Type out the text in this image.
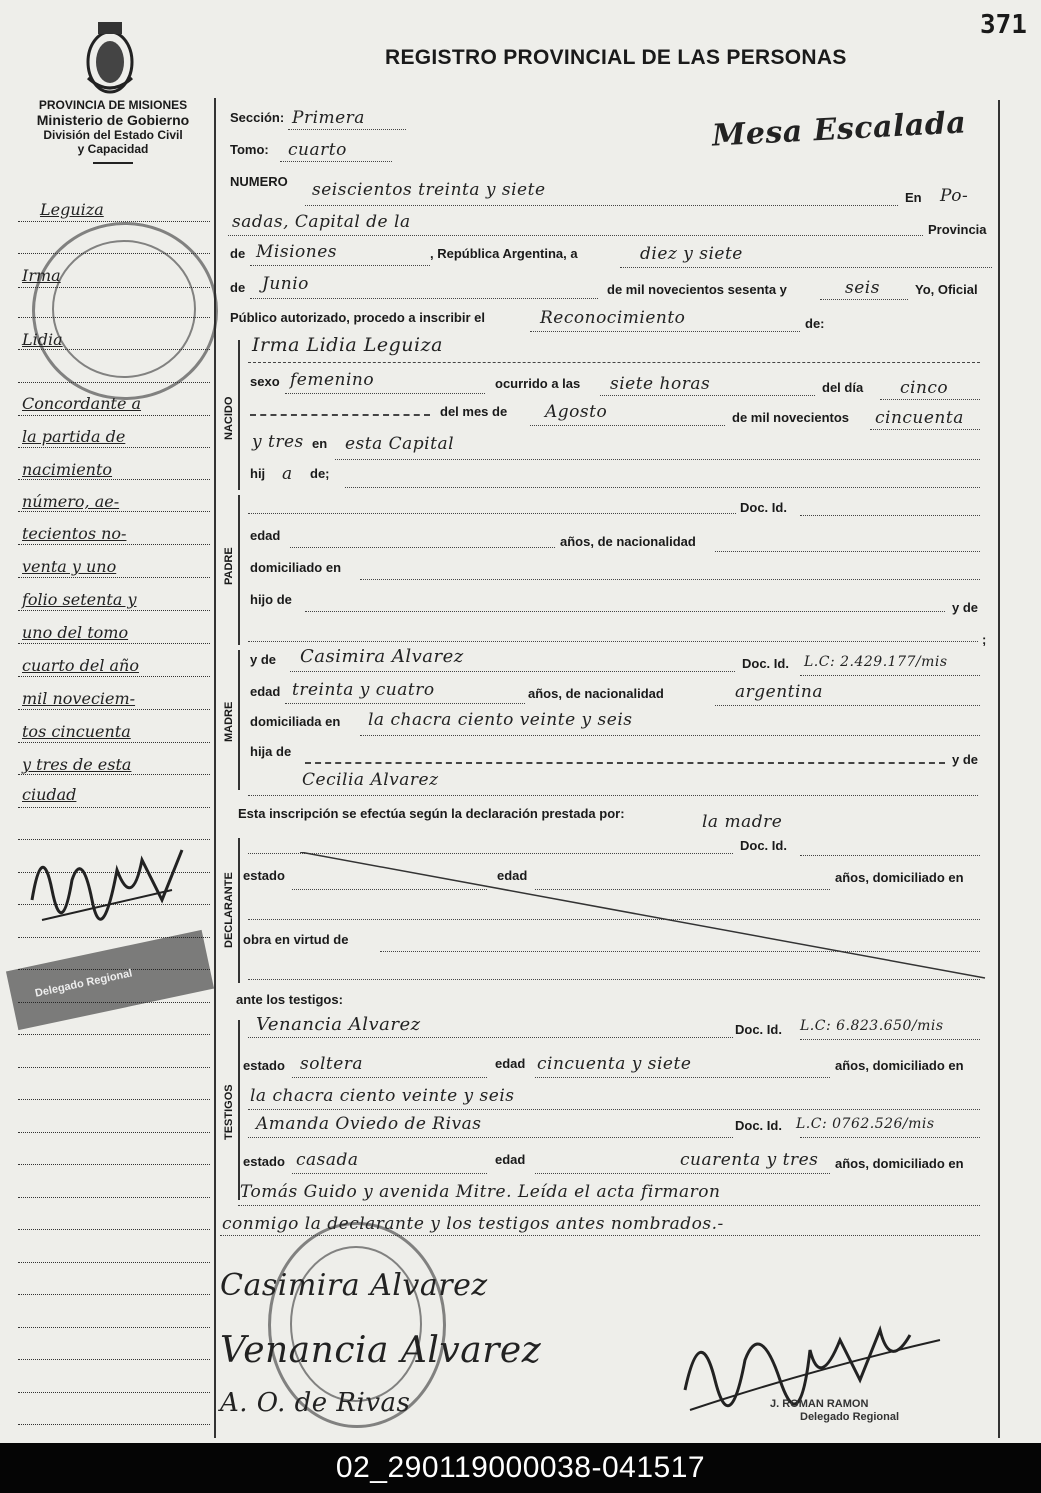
371
PROVINCIA DE MISIONES
Ministerio de Gobierno
División del Estado Civil
y Capacidad
REGISTRO PROVINCIAL DE LAS PERSONAS
Mesa Escalada
Leguiza
Irma
Lidia
Concordante a
la partida de
nacimiento
número, ae-
tecientos no-
venta y uno
folio setenta y
uno del tomo
cuarto del año
mil noveciem-
tos cincuenta
y tres de esta
ciudad
Delegado Regional
Sección: Primera
Tomo: cuarto
NUMERO seiscientos treinta y siete	En Po-
sadas, Capital de la	Provincia
de Misiones	, República Argentina, a	diez y siete
de Junio	de mil novecientos sesenta y	seis	Yo, Oficial
Público autorizado, procedo a inscribir el	Reconocimiento	de:
NACIDO
Irma Lidia Leguiza
sexo femenino	ocurrido a las siete horas	del día cinco
del mes de Agosto	de mil novecientos cincuenta
y tres en esta Capital
hij a de;
PADRE
Doc. Id.
edad	años, de nacionalidad
domiciliado en
hijo de
y de
;
MADRE
y de Casimira Alvarez	Doc. Id. L.C: 2.429.177/mis
edad treinta y cuatro	años, de nacionalidad	argentina
domiciliada en la chacra ciento veinte y seis
hija de
y de
Cecilia Alvarez
Esta inscripción se efectúa según la declaración prestada por:	la madre
DECLARANTE
Doc. Id.
estado	edad	años, domiciliado en
obra en virtud de
ante los testigos:
TESTIGOS
Venancia Alvarez	Doc. Id. L.C: 6.823.650/mis
estado soltera	edad cincuenta y siete	años, domiciliado en
la chacra ciento veinte y seis
Amanda Oviedo de Rivas	Doc. Id. L.C: 0762.526/mis
estado casada	edad	cuarenta y tres años, domiciliado en
Tomás Guido y avenida Mitre. Leída el acta firmaron
conmigo la declarante y los testigos antes nombrados.-
Casimira Alvarez
Venancia Alvarez
A. O. de Rivas	J. ROMAN RAMON
Delegado Regional
02_290119000038-041517
